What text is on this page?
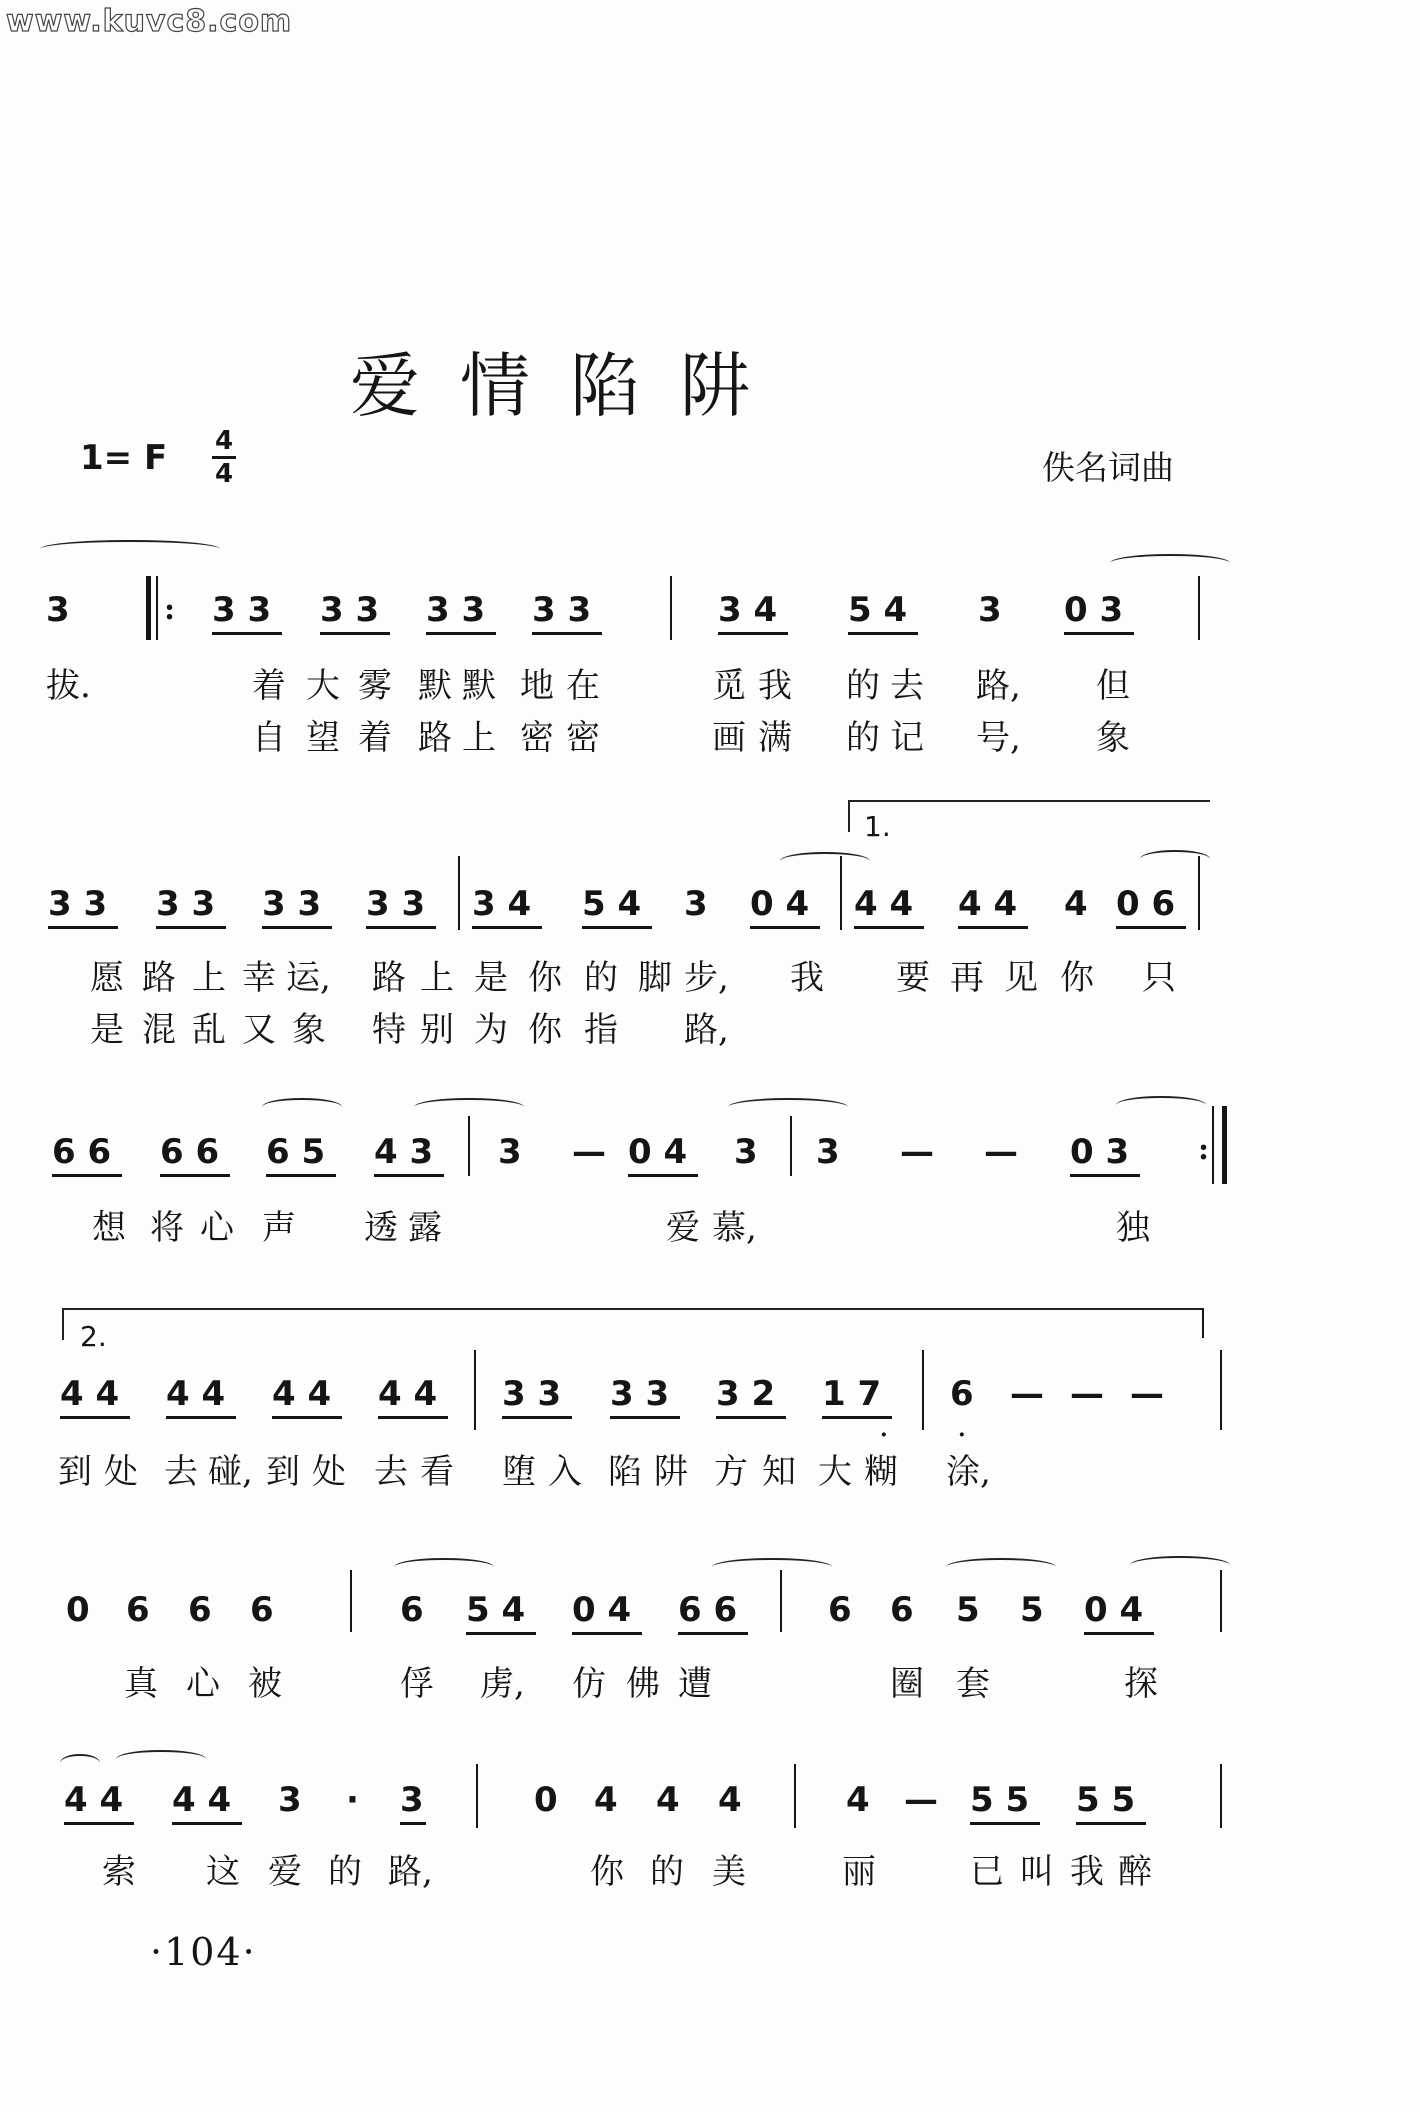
www.kuvc8.com
爱情陷阱
1= F 4
4	佚名词曲
3	3 3 3 3 3 3 3 3	3 4 5 4 3 0 3
:
拔.	着 大 雾 默 默 地 在	觅 我 的 去 路, 但
自 望 着 路 上 密 密	画 满 的 记 号, 象
1.
3 3 3 3 3 3 3 3 3 4 5 4 3 0 4 4 4 4 4 4 0 6
愿 路 上 幸 运, 路 上 是 你 的 脚 步, 我 要 再 见 你 只
是 混 乱 又 象 特 别 为 你 指 路,
6 6 6 6 6 5 4 3 3 — 0 4 3 3 — — 0 3 :
想 将 心 声 透 露	爱 慕,	独
2.
4 4 4 4 4 4 4 4 3 3 3 3 3 2 1 7 6 — — —
·	·
到 处 去 碰, 到 处 去 看 堕 入 陷 阱 方 知 大 糊 涂,
0 6 6 6	6 5 4 0 4 6 6	6 6 5 5 0 4
真 心 被	俘 虏, 仿 佛 遭	圈 套	探
4 4 4 4 3 · 3	0 4 4 4	4 — 5 5 5 5
索 这 爱 的 路,	你 的 美	丽	已 叫 我 醉
·104·
